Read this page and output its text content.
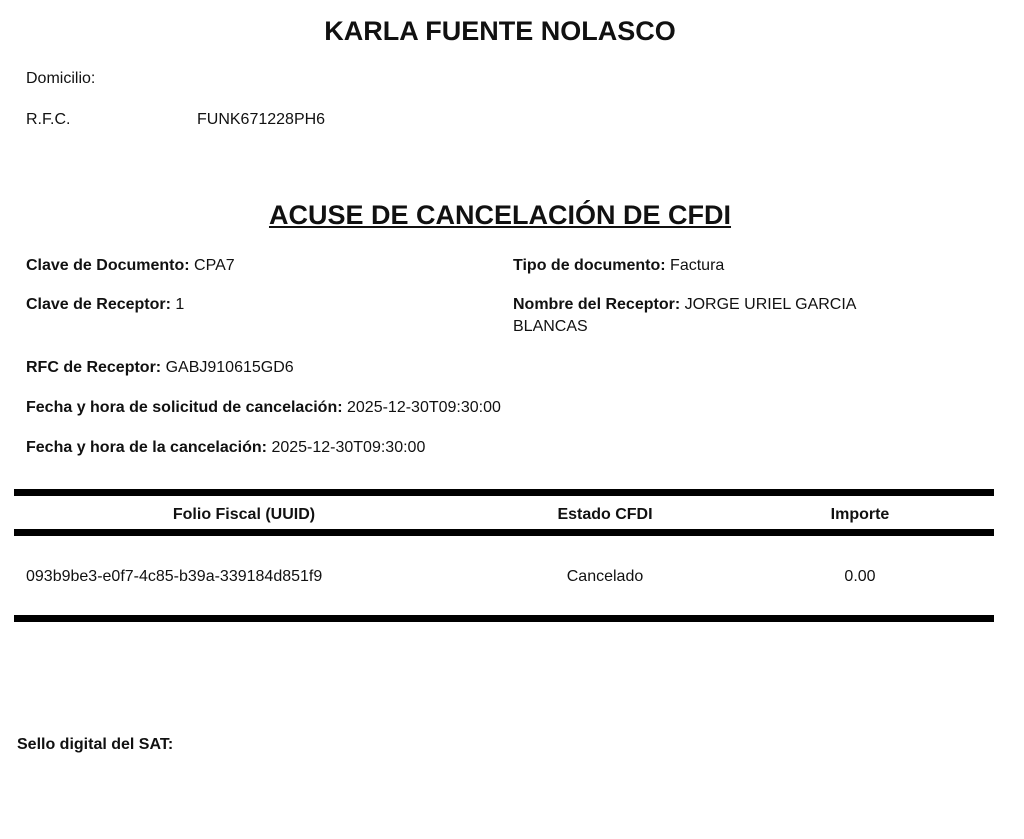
KARLA FUENTE NOLASCO
Domicilio:
R.F.C.	FUNK671228PH6
ACUSE DE CANCELACIÓN DE CFDI
Clave de Documento: CPA7	Tipo de documento: Factura
Clave de Receptor: 1	Nombre del Receptor: JORGE URIEL GARCIA
BLANCAS
RFC de Receptor: GABJ910615GD6
Fecha y hora de solicitud de cancelación: 2025-12-30T09:30:00
Fecha y hora de la cancelación: 2025-12-30T09:30:00
Folio Fiscal (UUID)	Estado CFDI	Importe
093b9be3-e0f7-4c85-b39a-339184d851f9	Cancelado	0.00
Sello digital del SAT:
